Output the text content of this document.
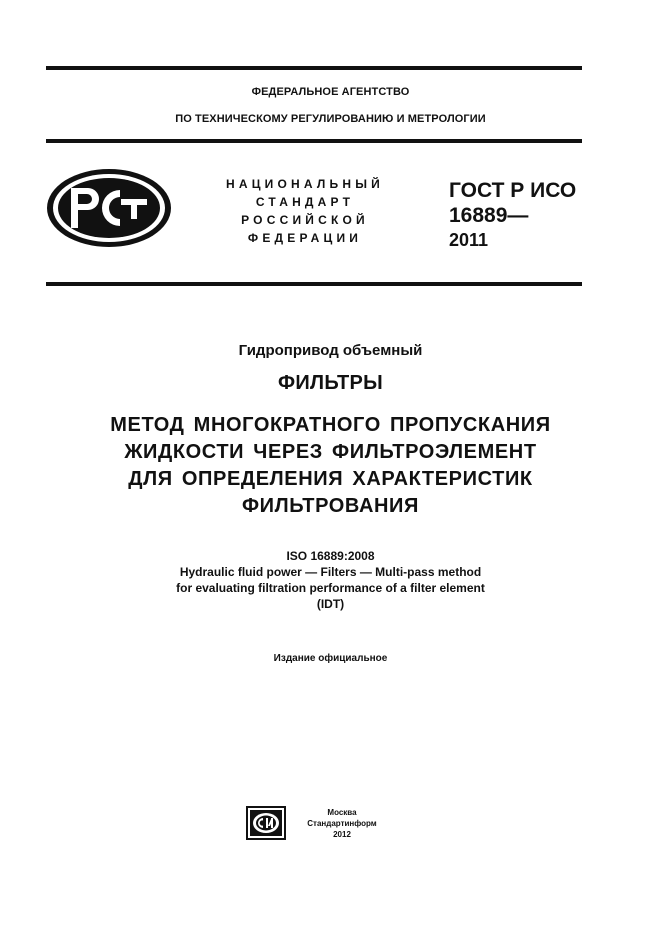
ФЕДЕРАЛЬНОЕ АГЕНТСТВО
ПО ТЕХНИЧЕСКОМУ РЕГУЛИРОВАНИЮ И МЕТРОЛОГИИ
НАЦИОНАЛЬНЫЙ
СТАНДАРТ
РОССИЙСКОЙ
ФЕДЕРАЦИИ
ГОСТ Р ИСО
16889—
2011
Гидропривод объемный
ФИЛЬТРЫ
МЕТОД МНОГОКРАТНОГО ПРОПУСКАНИЯ
ЖИДКОСТИ ЧЕРЕЗ ФИЛЬТРОЭЛЕМЕНТ
ДЛЯ ОПРЕДЕЛЕНИЯ ХАРАКТЕРИСТИК
ФИЛЬТРОВАНИЯ
ISO 16889:2008
Hydraulic fluid power — Filters — Multi-pass method
for evaluating filtration performance of a filter element
(IDT)
Издание официальное
Москва
Стандартинформ
2012
